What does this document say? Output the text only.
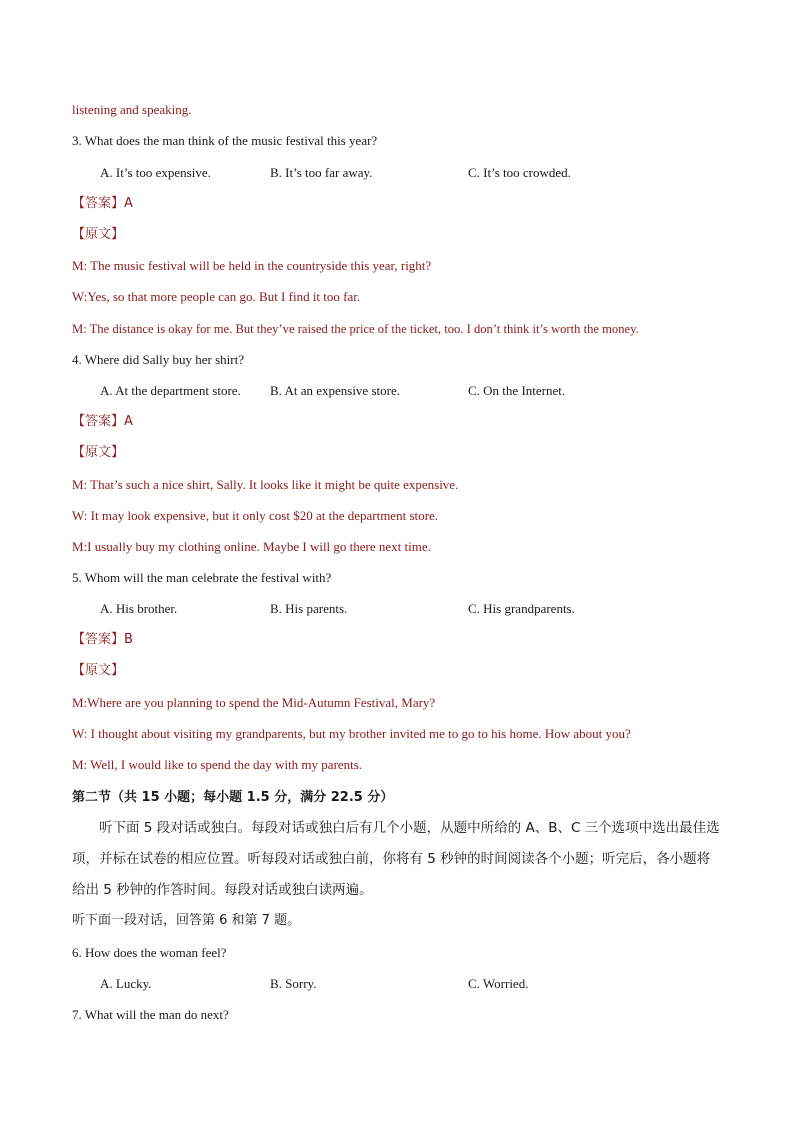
listening and speaking.
3. What does the man think of the music festival this year?
A. It’s too expensive.	B. It’s too far away.	C. It’s too crowded.
【答案】A
【原文】
M: The music festival will be held in the countryside this year, right?
W:Yes, so that more people can go. But I find it too far.
M: The distance is okay for me. But they’ve raised the price of the ticket, too. I don’t think it’s worth the money.
4. Where did Sally buy her shirt?
A. At the department store. B. At an expensive store.	C. On the Internet.
【答案】A
【原文】
M: That’s such a nice shirt, Sally. It looks like it might be quite expensive.
W: It may look expensive, but it only cost $20 at the department store.
M:I usually buy my clothing online. Maybe I will go there next time.
5. Whom will the man celebrate the festival with?
A. His brother.	B. His parents.	C. His grandparents.
【答案】B
【原文】
M:Where are you planning to spend the Mid-Autumn Festival, Mary?
W: I thought about visiting my grandparents, but my brother invited me to go to his home. How about you?
M: Well, I would like to spend the day with my parents.
第二节（共 15 小题；每小题 1.5 分，满分 22.5 分）
听下面 5 段对话或独白。每段对话或独白后有几个小题，从题中所给的 A、B、C 三个选项中选出最佳选项，并标在试卷的相应位置。听每段对话或独白前，你将有 5 秒钟的时间阅读各个小题；听完后，各小题将给出 5 秒钟的作答时间。每段对话或独白读两遍。
听下面一段对话，回答第 6 和第 7 题。
6. How does the woman feel?
A. Lucky.	B. Sorry.	C. Worried.
7. What will the man do next?
